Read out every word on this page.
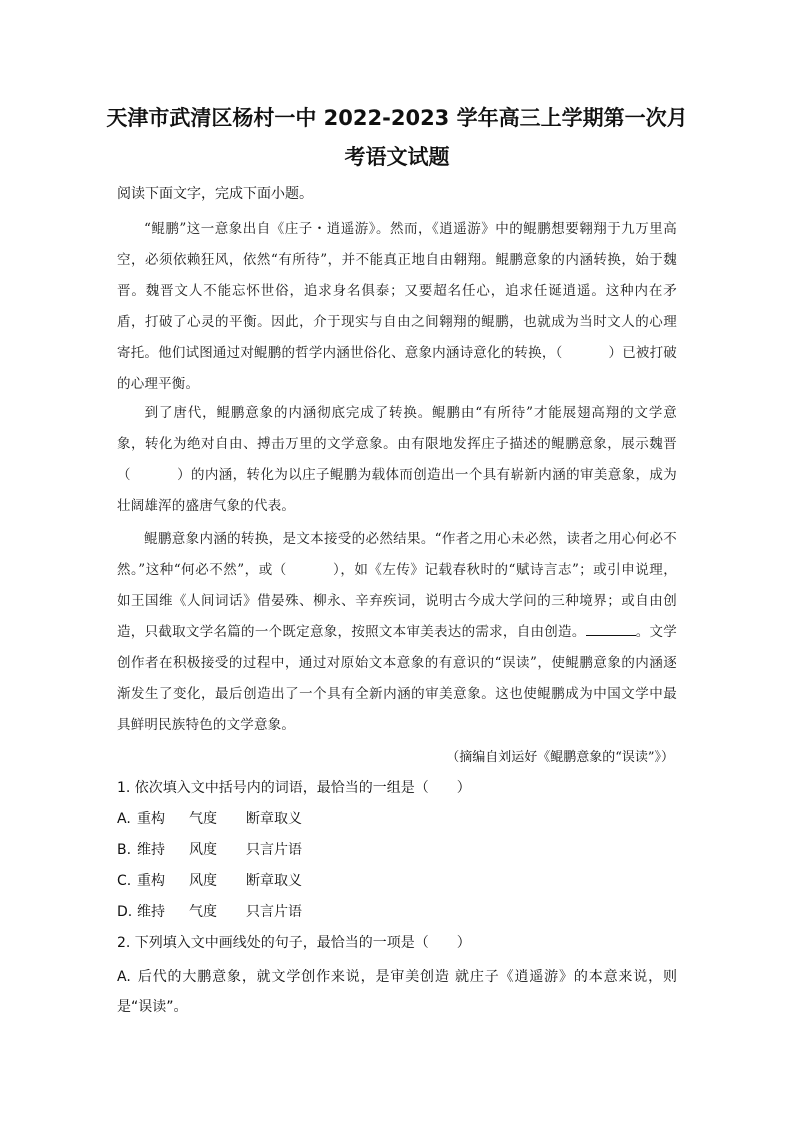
天津市武清区杨村一中 2022-2023 学年高三上学期第一次月
考语文试题
阅读下面文字，完成下面小题。
“鲲鹏”这一意象出自《庄子・逍遥游》。然而，《逍遥游》中的鲲鹏想要翱翔于九万里高空，必须依赖狂风，依然“有所待”，并不能真正地自由翱翔。鲲鹏意象的内涵转换，始于魏晋。魏晋文人不能忘怀世俗，追求身名俱泰；又要超名任心，追求任诞逍遥。这种内在矛盾，打破了心灵的平衡。因此，介于现实与自由之间翱翔的鲲鹏，也就成为当时文人的心理寄托。他们试图通过对鲲鹏的哲学内涵世俗化、意象内涵诗意化的转换，（	）已被打破的心理平衡。
到了唐代，鲲鹏意象的内涵彻底完成了转换。鲲鹏由“有所待”才能展翅高翔的文学意象，转化为绝对自由、搏击万里的文学意象。由有限地发挥庄子描述的鲲鹏意象，展示魏晋（	）的内涵，转化为以庄子鲲鹏为载体而创造出一个具有崭新内涵的审美意象，成为壮阔雄浑的盛唐气象的代表。
鲲鹏意象内涵的转换，是文本接受的必然结果。“作者之用心未必然，读者之用心何必不然。”这种“何必不然”，或（	），如《左传》记载春秋时的“赋诗言志”；或引申说理，如王国维《人间词话》借晏殊、柳永、辛弃疾词，说明古今成大学问的三种境界；或自由创造，只截取文学名篇的一个既定意象，按照文本审美表达的需求，自由创造。	。文学创作者在积极接受的过程中，通过对原始文本意象的有意识的“误读”，使鲲鹏意象的内涵逐渐发生了变化，最后创造出了一个具有全新内涵的审美意象。这也使鲲鹏成为中国文学中最具鲜明民族特色的文学意象。
（摘编自刘运好《鲲鹏意象的“误读”》）
1. 依次填入文中括号内的词语，最恰当的一组是（　　）
A. 重构 气度 断章取义
B. 维持 风度 只言片语
C. 重构 风度 断章取义
D. 维持 气度 只言片语
2. 下列填入文中画线处的句子，最恰当的一项是（　　）
A. 后代的大鹏意象，就文学创作来说，是审美创造 就庄子《逍遥游》的本意来说，则是“误读”。
